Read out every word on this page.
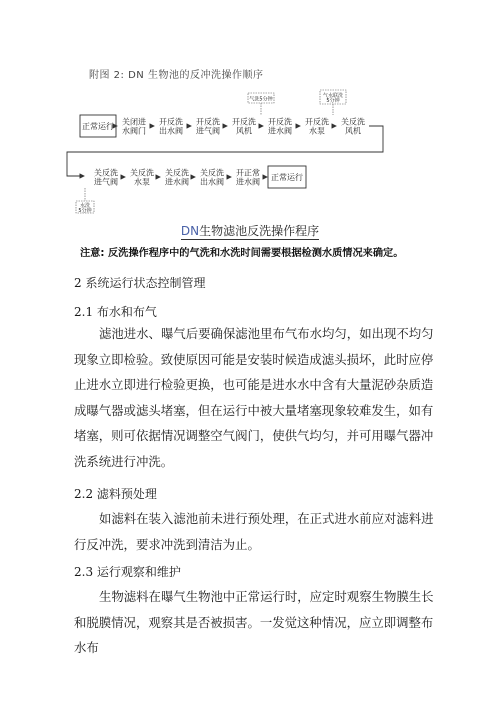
附图 2: DN 生物池的反冲洗操作顺序
正常运行 关闭进水阀门
开反洗出水阀
开反洗进气阀
开反洗风机
开反洗进水阀
开反洗水泵
关反洗风机
关反洗进气阀
关反洗水泵
关反洗进水阀
关反洗出水阀
开正常进水阀 正常运行
气洗5分钟
气水联洗 5分钟
水洗 5分钟
DN生物滤池反洗操作程序
注意: 反洗操作程序中的气洗和水洗时间需要根据检测水质情况来确定。
2 系统运行状态控制管理
2.1 布水和布气
滤池进水、曝气后要确保滤池里布气布水均匀，如出现不均匀现象立即检验。致使原因可能是安装时候造成滤头损坏，此时应停止进水立即进行检验更换，也可能是进水水中含有大量泥砂杂质造成曝气器或滤头堵塞，但在运行中被大量堵塞现象较难发生，如有堵塞，则可依据情况调整空气阀门，使供气均匀，并可用曝气器冲洗系统进行冲洗。
2.2 滤料预处理
如滤料在装入滤池前未进行预处理，在正式进水前应对滤料进行反冲洗，要求冲洗到清洁为止。
2.3 运行观察和维护
生物滤料在曝气生物池中正常运行时，应定时观察生物膜生长和脱膜情况，观察其是否被损害。一发觉这种情况，应立即调整布水布
